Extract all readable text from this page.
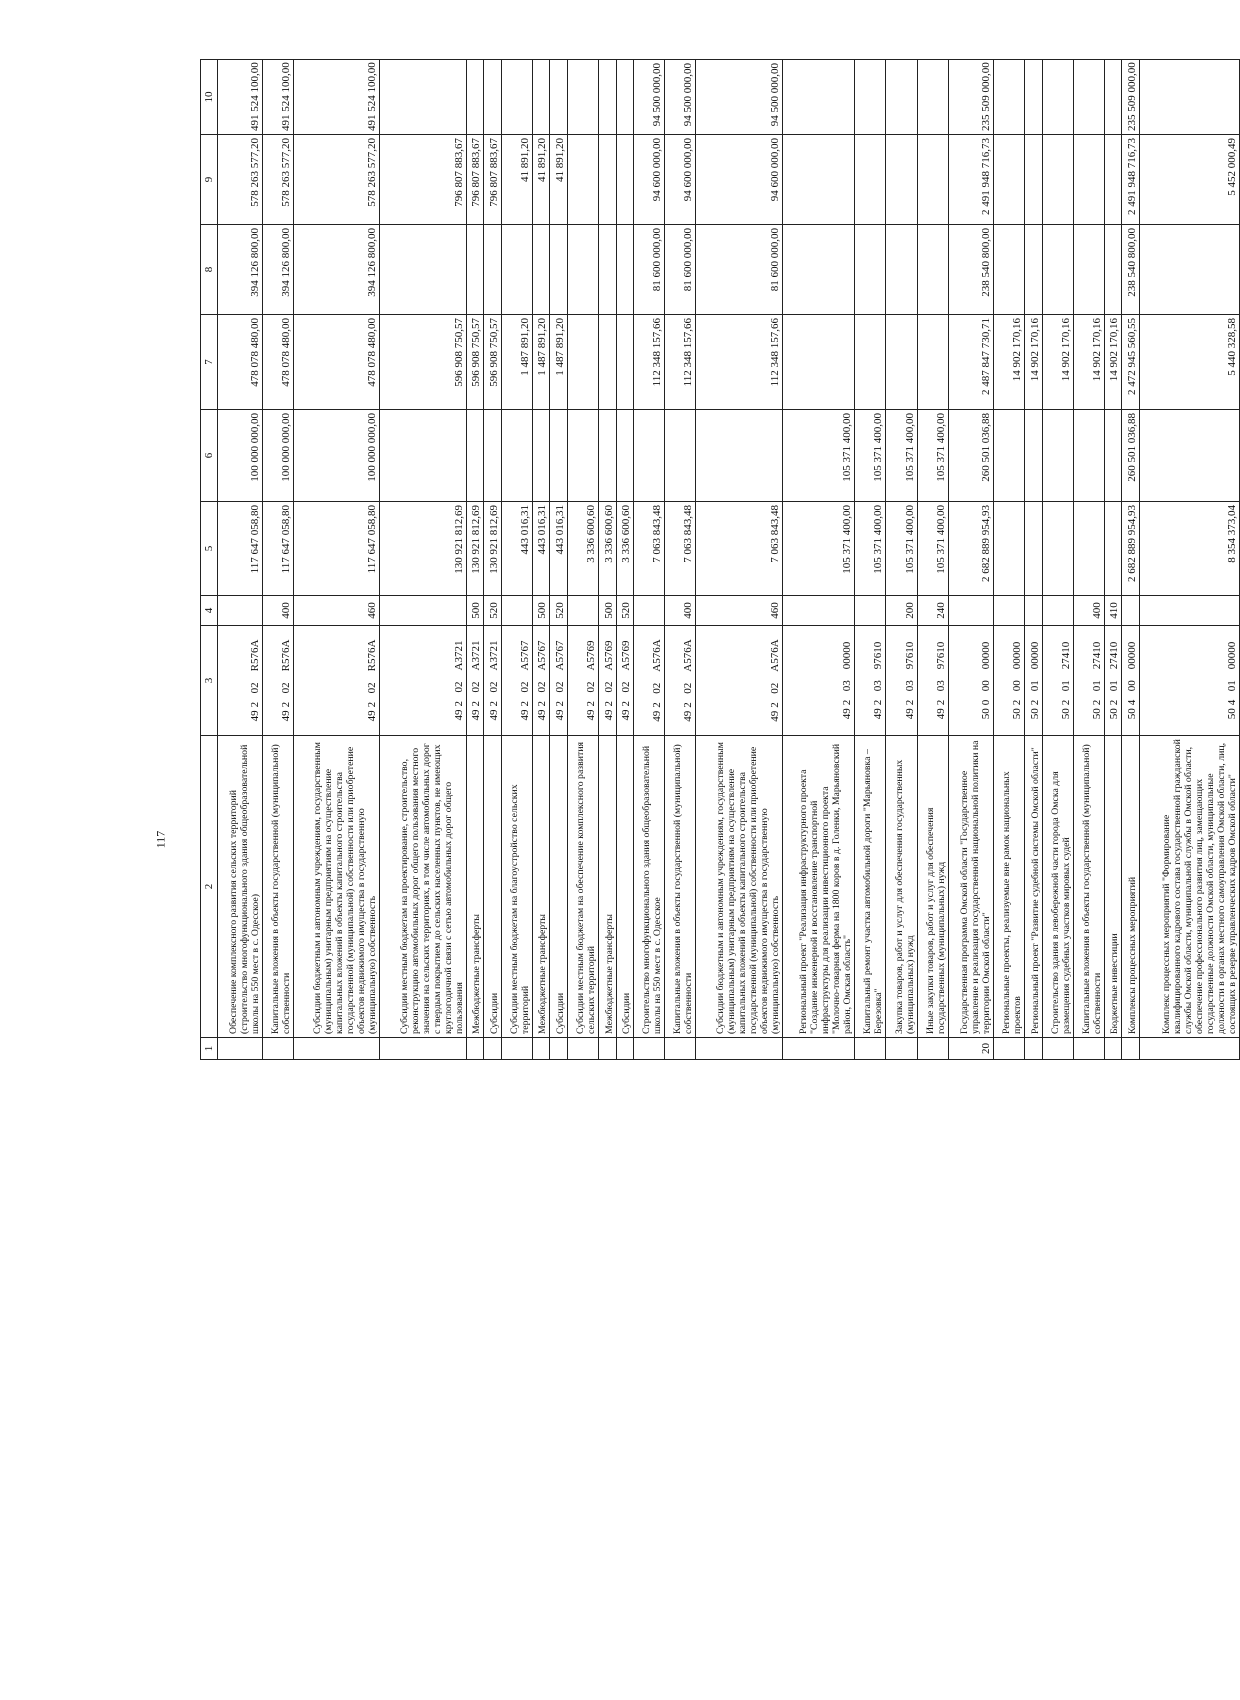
117
1	2	3	4	5	6	7	8	9	10
	Обеспечение комплексного развития сельских территорий (строительство многофункционального здания общеобразовательной школы на 550 мест в с. Одесское)	49202R576A		117 647 058,80	100 000 000,00	478 078 480,00	394 126 800,00	578 263 577,20	491 524 100,00
	Капитальные вложения в объекты государственной (муниципальной) собственности	49202R576A	400	117 647 058,80	100 000 000,00	478 078 480,00	394 126 800,00	578 263 577,20	491 524 100,00
	Субсидии бюджетным и автономным учреждениям, государственным (муниципальным) унитарным предприятиям на осуществление капитальных вложений в объекты капитального строительства государственной (муниципальной) собственности или приобретение объектов недвижимого имущества в государственную (муниципальную) собственность	49202R576A	460	117 647 058,80	100 000 000,00	478 078 480,00	394 126 800,00	578 263 577,20	491 524 100,00
	Субсидии местным бюджетам на проектирование, строительство, реконструкцию автомобильных дорог общего пользования местного значения на сельских территориях, в том числе автомобильных дорог с твердым покрытием до сельских населенных пунктов, не имеющих круглогодичной связи с сетью автомобильных дорог общего пользования	49202A3721		130 921 812,69		596 908 750,57		796 807 883,67	
	Межбюджетные трансферты	49202A3721	500	130 921 812,69		596 908 750,57		796 807 883,67	
	Субсидии	49202A3721	520	130 921 812,69		596 908 750,57		796 807 883,67	
	Субсидии местным бюджетам на благоустройство сельских территорий	49202A5767		443 016,31		1 487 891,20		41 891,20	
	Межбюджетные трансферты	49202A5767	500	443 016,31		1 487 891,20		41 891,20	
	Субсидии	49202A5767	520	443 016,31		1 487 891,20		41 891,20	
	Субсидии местным бюджетам на обеспечение комплексного развития сельских территорий	49202A5769		3 336 600,60					
	Межбюджетные трансферты	49202A5769	500	3 336 600,60					
	Субсидии	49202A5769	520	3 336 600,60					
	Строительство многофункционального здания общеобразовательной школы на 550 мест в с. Одесское	49202A576A		7 063 843,48		112 348 157,66	81 600 000,00	94 600 000,00	94 500 000,00
	Капитальные вложения в объекты государственной (муниципальной) собственности	49202A576A	400	7 063 843,48		112 348 157,66	81 600 000,00	94 600 000,00	94 500 000,00
	Субсидии бюджетным и автономным учреждениям, государственным (муниципальным) унитарным предприятиям на осуществление капитальных вложений в объекты капитального строительства государственной (муниципальной) собственности или приобретение объектов недвижимого имущества в государственную (муниципальную) собственность	49202A576A	460	7 063 843,48		112 348 157,66	81 600 000,00	94 600 000,00	94 500 000,00
	Региональный проект "Реализация инфраструктурного проекта "Создание инженерной и восстановление транспортной инфраструктуры для реализации инвестиционного проекта "Молочно-товарная ферма на 1800 коров в д. Голенки, Марьяновский район, Омская область"	4920300000		105 371 400,00	105 371 400,00				
	Капитальный ремонт участка автомобильной дороги "Марьяновка – Березовка"	4920397610		105 371 400,00	105 371 400,00				
	Закупка товаров, работ и услуг для обеспечения государственных (муниципальных) нужд	4920397610	200	105 371 400,00	105 371 400,00				
	Иные закупки товаров, работ и услуг для обеспечения государственных (муниципальных) нужд	4920397610	240	105 371 400,00	105 371 400,00				
20	Государственная программа Омской области "Государственное управление и реализация государственной национальной политики на территории Омской области"	5000000000		2 682 889 954,93	260 501 036,88	2 487 847 730,71	238 540 800,00	2 491 948 716,73	235 509 000,00
	Региональные проекты, реализуемые вне рамок национальных проектов	5020000000				14 902 170,16			
	Региональный проект "Развитие судебной системы Омской области"	5020100000				14 902 170,16			
	Строительство здания в левобережной части города Омска для размещения судебных участков мировых судей	5020127410				14 902 170,16			
	Капитальные вложения в объекты государственной (муниципальной) собственности	5020127410	400			14 902 170,16			
	Бюджетные инвестиции	5020127410	410			14 902 170,16			
	Комплексы процессных мероприятий	5040000000		2 682 889 954,93	260 501 036,88	2 472 945 560,55	238 540 800,00	2 491 948 716,73	235 509 000,00
	Комплекс процессных мероприятий "Формирование квалифицированного кадрового состава государственной гражданской службы Омской области, муниципальной службы в Омской области, обеспечение профессионального развития лиц, замещающих государственные должности Омской области, муниципальные должности в органах местного самоуправления Омской области, лиц, состоящих в резерве управленческих кадров Омской области"	5040100000		8 354 373,04		5 440 328,58		5 452 000,49	
